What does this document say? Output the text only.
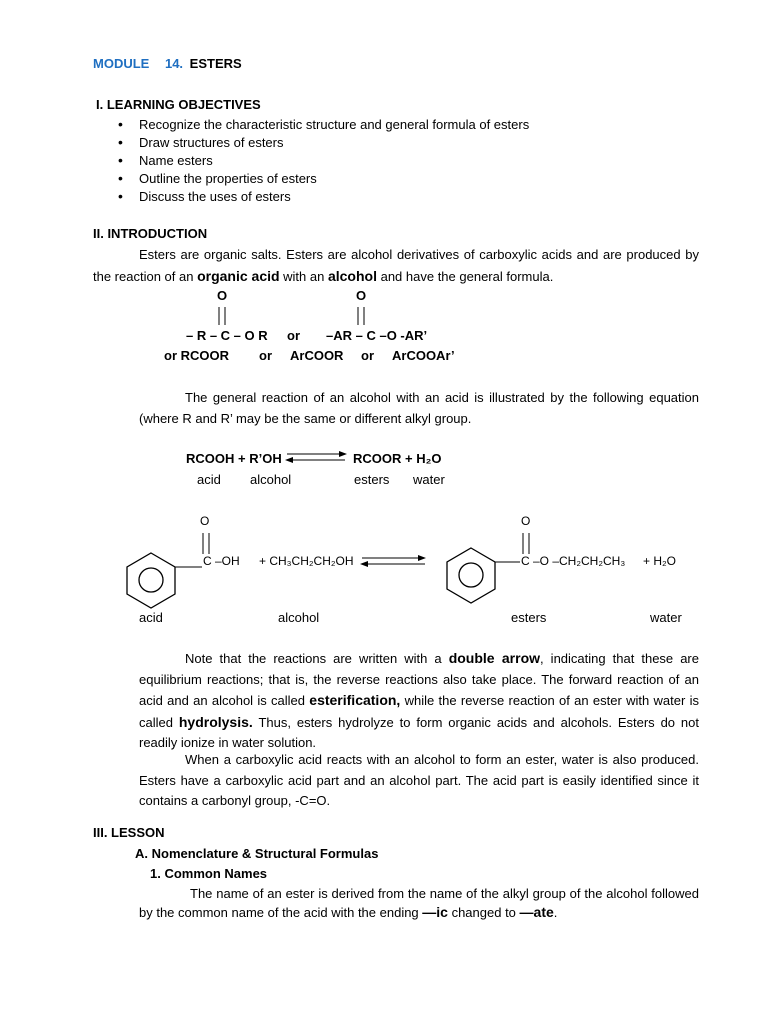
MODULE 14. ESTERS
I. LEARNING OBJECTIVES
• Recognize the characteristic structure and general formula of esters
• Draw structures of esters
• Name esters
• Outline the properties of esters
• Discuss the uses of esters
II. INTRODUCTION
Esters are organic salts. Esters are alcohol derivatives of carboxylic acids and are produced by the reaction of an organic acid with an alcohol and have the general formula.
O	O
– R – C – O R or –AR – C –O -AR’
or RCOOR or ArCOOR or ArCOOAr’
The general reaction of an alcohol with an acid is illustrated by the following equation (where R and R’ may be the same or different alkyl group.
RCOOH + R’OH	RCOOR + H₂O
acid alcohol	esters water
O
C –OH + CH₃CH₂CH₂OH
O
C –O –CH₂CH₂CH₃ + H₂O
acid	alcohol	esters	water
Note that the reactions are written with a double arrow, indicating that these are equilibrium reactions; that is, the reverse reactions also take place. The forward reaction of an acid and an alcohol is called esterification, while the reverse reaction of an ester with water is called hydrolysis. Thus, esters hydrolyze to form organic acids and alcohols. Esters do not readily ionize in water solution.
When a carboxylic acid reacts with an alcohol to form an ester, water is also produced. Esters have a carboxylic acid part and an alcohol part. The acid part is easily identified since it contains a carbonyl group, -C=O.
III. LESSON
A. Nomenclature & Structural Formulas
1. Common Names
The name of an ester is derived from the name of the alkyl group of the alcohol followed by the common name of the acid with the ending —ic changed to —ate.
